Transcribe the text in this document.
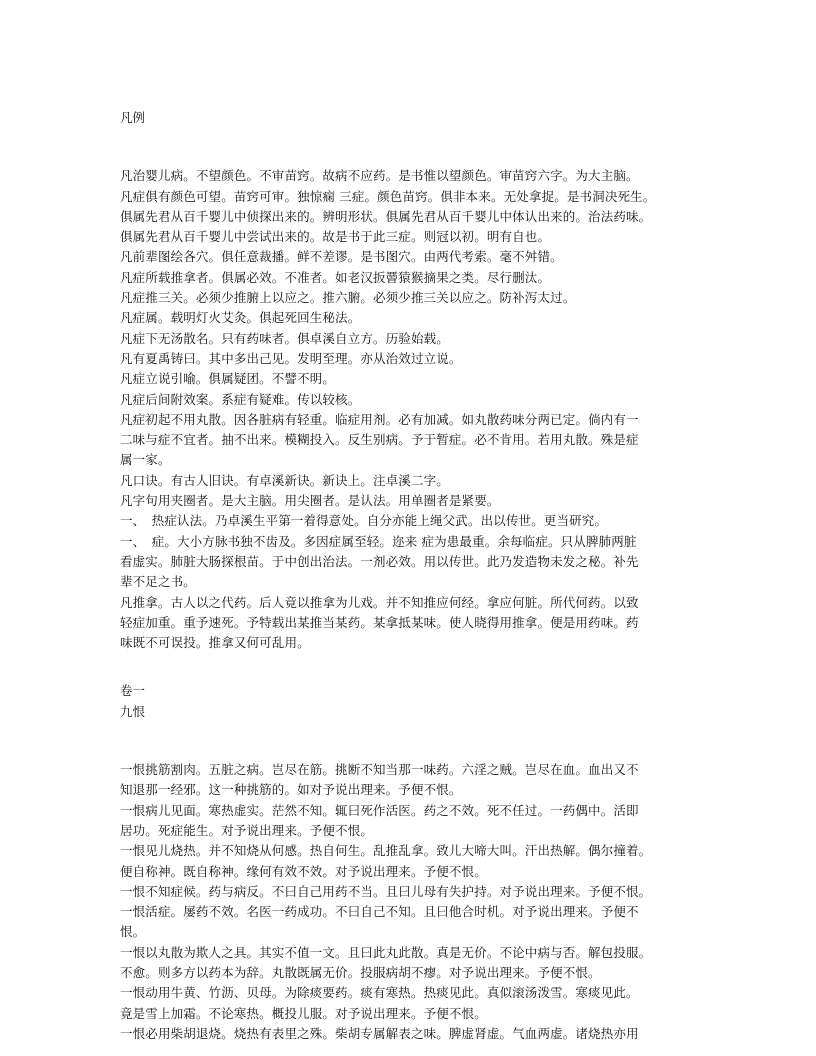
凡例
凡治婴儿病。不望颜色。不审苗窍。故病不应药。是书惟以望颜色。审苗窍六字。为大主脑。
凡症俱有颜色可望。苗窍可审。独惊痫 三症。颜色苗窍。俱非本来。无处拿捉。是书洞决死生。
俱属先君从百千婴儿中侦探出来的。辨明形状。俱属先君从百千婴儿中体认出来的。治法药味。
俱属先君从百千婴儿中尝试出来的。故是书于此三症。则冠以初。明有自也。
凡前辈图绘各穴。俱任意裁播。鲜不差谬。是书图穴。由两代考索。毫不舛错。
凡症所载推拿者。俱属必效。不准者。如老汉扳罾猿猴摘果之类。尽行删汰。
凡症推三关。必须少推腑上以应之。推六腑。必须少推三关以应之。防补泻太过。
凡症属。载明灯火艾灸。俱起死回生秘法。
凡症下无汤散名。只有药味者。俱卓溪自立方。历验始载。
凡有夏禹铸曰。其中多出己见。发明至理。亦从治效过立说。
凡症立说引喻。俱属疑团。不譬不明。
凡症后间附效案。系症有疑难。传以较核。
凡症初起不用丸散。因各脏病有轻重。临症用剂。必有加减。如丸散药味分两已定。倘内有一
二味与症不宜者。抽不出来。模糊投入。反生别病。予于暂症。必不肯用。若用丸散。殊是症
属一家。
凡口诀。有古人旧诀。有卓溪新诀。新诀上。注卓溪二字。
凡字句用夹圈者。是大主脑。用尖圈者。是认法。用单圈者是紧要。
一、　热症认法。乃卓溪生平第一着得意处。自分亦能上绳父武。出以传世。更当研究。
一、　症。大小方脉书独不齿及。多因症属至轻。迩来 症为患最重。余每临症。只从脾肺两脏
看虚实。肺脏大肠探根苗。于中创出治法。一剂必效。用以传世。此乃发造物未发之秘。补先
辈不足之书。
凡推拿。古人以之代药。后人竟以推拿为儿戏。并不知推应何经。拿应何脏。所代何药。以致
轻症加重。重予速死。予特载出某推当某药。某拿抵某味。使人晓得用推拿。便是用药味。药
味既不可误投。推拿又何可乱用。
卷一
九恨
一恨挑筋割肉。五脏之病。岂尽在筋。挑断不知当那一味药。六淫之贼。岂尽在血。血出又不
知退那一经邪。这一种挑筋的。如对予说出理来。予便不恨。
一恨病儿见面。寒热虚实。茫然不知。辄曰死作活医。药之不效。死不任过。一药偶中。活即
居功。死症能生。对予说出理来。予便不恨。
一恨见儿烧热。并不知烧从何感。热自何生。乱推乱拿。致儿大啼大叫。汗出热解。偶尔撞着。
便自称神。既自称神。缘何有效不效。对予说出理来。予便不恨。
一恨不知症候。药与病反。不曰自己用药不当。且曰儿母有失护持。对予说出理来。予便不恨。
一恨活症。屡药不效。名医一药成功。不曰自己不知。且曰他合时机。对予说出理来。予便不
恨。
一恨以丸散为欺人之具。其实不值一文。且曰此丸此散。真是无价。不论中病与否。解包投服。
不愈。则多方以药本为辞。丸散既属无价。投服病胡不瘳。对予说出理来。予便不恨。
一恨动用牛黄、竹沥、贝母。为除痰要药。痰有寒热。热痰见此。真似滚汤泼雪。寒痰见此。
竟是雪上加霜。不论寒热。概投儿服。对予说出理来。予便不恨。
一恨必用柴胡退烧。烧热有表里之殊。柴胡专属解表之味。脾虚肾虚。气血两虚。诸烧热亦用
